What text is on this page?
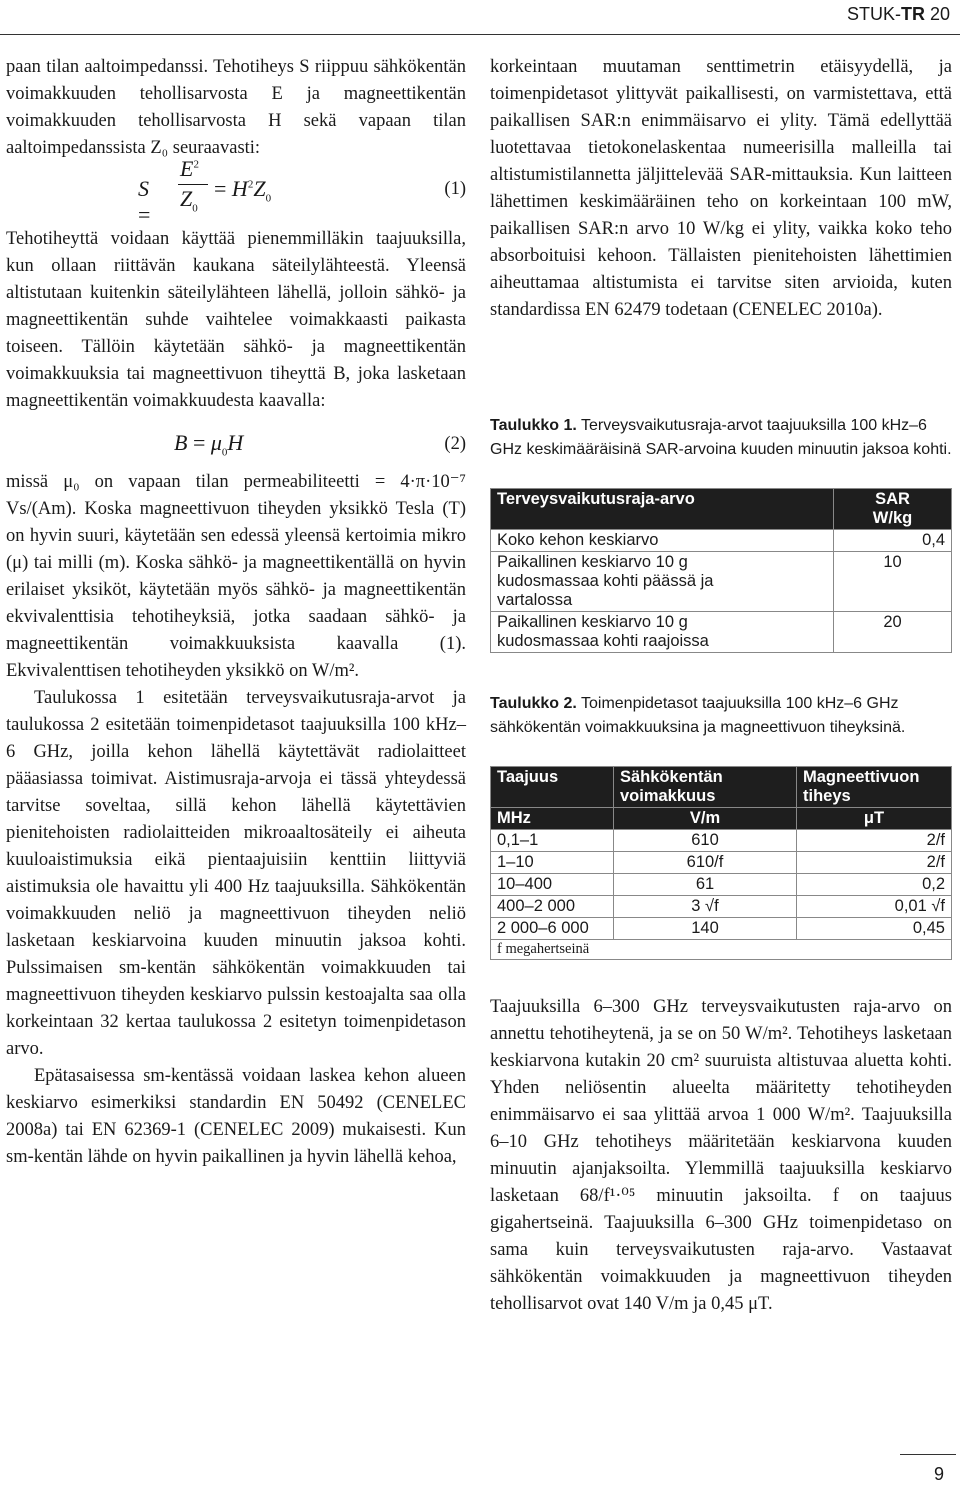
STUK-TR 20

paan tilan aaltoimpedanssi. Tehotiheys S riippuu sähkökentän voimakkuuden tehollisarvosta E ja magneettikentän voimakkuuden tehollisarvosta H sekä vapaan tilan aaltoimpedanssista Z₀ seuraavasti:

S =
$E^2$
$Z_0$
= $H^2Z_0$	(1)

Tehotiheyttä voidaan käyttää pienemmilläkin taajuuksilla, kun ollaan riittävän kaukana säteilylähteestä. Yleensä altistutaan kuitenkin säteilylähteen lähellä, jolloin sähkö- ja magneettikentän suhde vaihtelee voimakkaasti paikasta toiseen. Tällöin käytetään sähkö- ja magneettikentän voimakkuuksia tai magneettivuon tiheyttä B, joka lasketaan magneettikentän voimakkuudesta kaavalla:

$B = \mu_0H$	(2)

missä μ₀ on vapaan tilan permeabiliteetti = 4·π·10⁻⁷ Vs/(Am). Koska magneettivuon tiheyden yksikkö Tesla (T) on hyvin suuri, käytetään sen edessä yleensä kertoimia mikro (μ) tai milli (m). Koska sähkö- ja magneettikentällä on hyvin erilaiset yksiköt, käytetään myös sähkö- ja magneettikentän ekvivalenttisia tehotiheyksiä, jotka saadaan sähkö- ja magneettikentän voimakkuuksista kaavalla (1). Ekvivalenttisen tehotiheyden yksikkö on W/m².

Taulukossa 1 esitetään terveysvaikutusraja-arvot ja taulukossa 2 esitetään toimenpidetasot taajuuksilla 100 kHz–6 GHz, joilla kehon lähellä käytettävät radiolaitteet pääasiassa toimivat. Aistimusraja-arvoja ei tässä yhteydessä tarvitse soveltaa, sillä kehon lähellä käytettävien pienitehoisten radiolaitteiden mikroaaltosäteily ei aiheuta kuuloaistimuksia eikä pientaajuisiin kenttiin liittyviä aistimuksia ole havaittu yli 400 Hz taajuuksilla. Sähkökentän voimakkuuden neliö ja magneettivuon tiheyden neliö lasketaan keskiarvoina kuuden minuutin jaksoa kohti. Pulssimaisen sm-kentän sähkökentän voimakkuuden tai magneettivuon tiheyden keskiarvo pulssin kestoajalta saa olla korkeintaan 32 kertaa taulukossa 2 esitetyn toimenpidetason arvo.

Epätasaisessa sm-kentässä voidaan laskea kehon alueen keskiarvo esimerkiksi standardin EN 50492 (CENELEC 2008a) tai EN 62369-1 (CENELEC 2009) mukaisesti. Kun sm-kentän lähde on hyvin paikallinen ja hyvin lähellä kehoa,

korkeintaan muutaman senttimetrin etäisyydellä, ja toimenpidetasot ylittyvät paikallisesti, on varmistettava, että paikallisen SAR:n enimmäisarvo ei ylity. Tämä edellyttää luotettavaa tietokonelaskentaa numeerisilla malleilla tai altistumistilannetta jäljittelevää SAR-mittauksia. Kun laitteen lähettimen keskimääräinen teho on korkeintaan 100 mW, paikallisen SAR:n arvo 10 W/kg ei ylity, vaikka koko teho absorboituisi kehoon. Tällaisten pienitehoisten lähettimien aiheuttamaa altistumista ei tarvitse siten arvioida, kuten standardissa EN 62479 todetaan (CENELEC 2010a).

Taulukko 1. Terveysvaikutusraja-arvot taajuuksilla 100 kHz–6 GHz keskimääräisinä SAR-arvoina kuuden minuutin jaksoa kohti.
Terveysvaikutusraja-arvo	SAR
W/kg
Koko kehon keskiarvo	0,4
Paikallinen keskiarvo 10 g kudosmassaa kohti päässä ja vartalossa	10
Paikallinen keskiarvo 10 g kudosmassaa kohti raajoissa	20
Taulukko 2. Toimenpidetasot taajuuksilla 100 kHz–6 GHz sähkökentän voimakkuuksina ja magneettivuon tiheyksinä.
Taajuus	Sähkökentän voimakkuus	Magneettivuon tiheys
MHz	V/m	μT
0,1–1	610	2/f
1–10	610/f	2/f
10–400	61	0,2
400–2 000	3 √f	0,01 √f
2 000–6 000	140	0,45
f megahertseinä		

Taajuuksilla 6–300 GHz terveysvaikutusten raja-arvo on annettu tehotiheytenä, ja se on 50 W/m². Tehotiheys lasketaan keskiarvona kutakin 20 cm² suuruista altistuvaa aluetta kohti. Yhden neliösentin alueelta määritetty tehotiheyden enimmäisarvo ei saa ylittää arvoa 1 000 W/m². Taajuuksilla 6–10 GHz tehotiheys määritetään keskiarvona kuuden minuutin ajanjaksoilta. Ylemmillä taajuuksilla keskiarvo lasketaan 68/f¹·⁰⁵ minuutin jaksoilta. f on taajuus gigahertseinä. Taajuuksilla 6–300 GHz toimenpidetaso on sama kuin terveysvaikutusten raja-arvo. Vastaavat sähkökentän voimakkuuden ja magneettivuon tiheyden tehollisarvot ovat 140 V/m ja 0,45 μT.

9
